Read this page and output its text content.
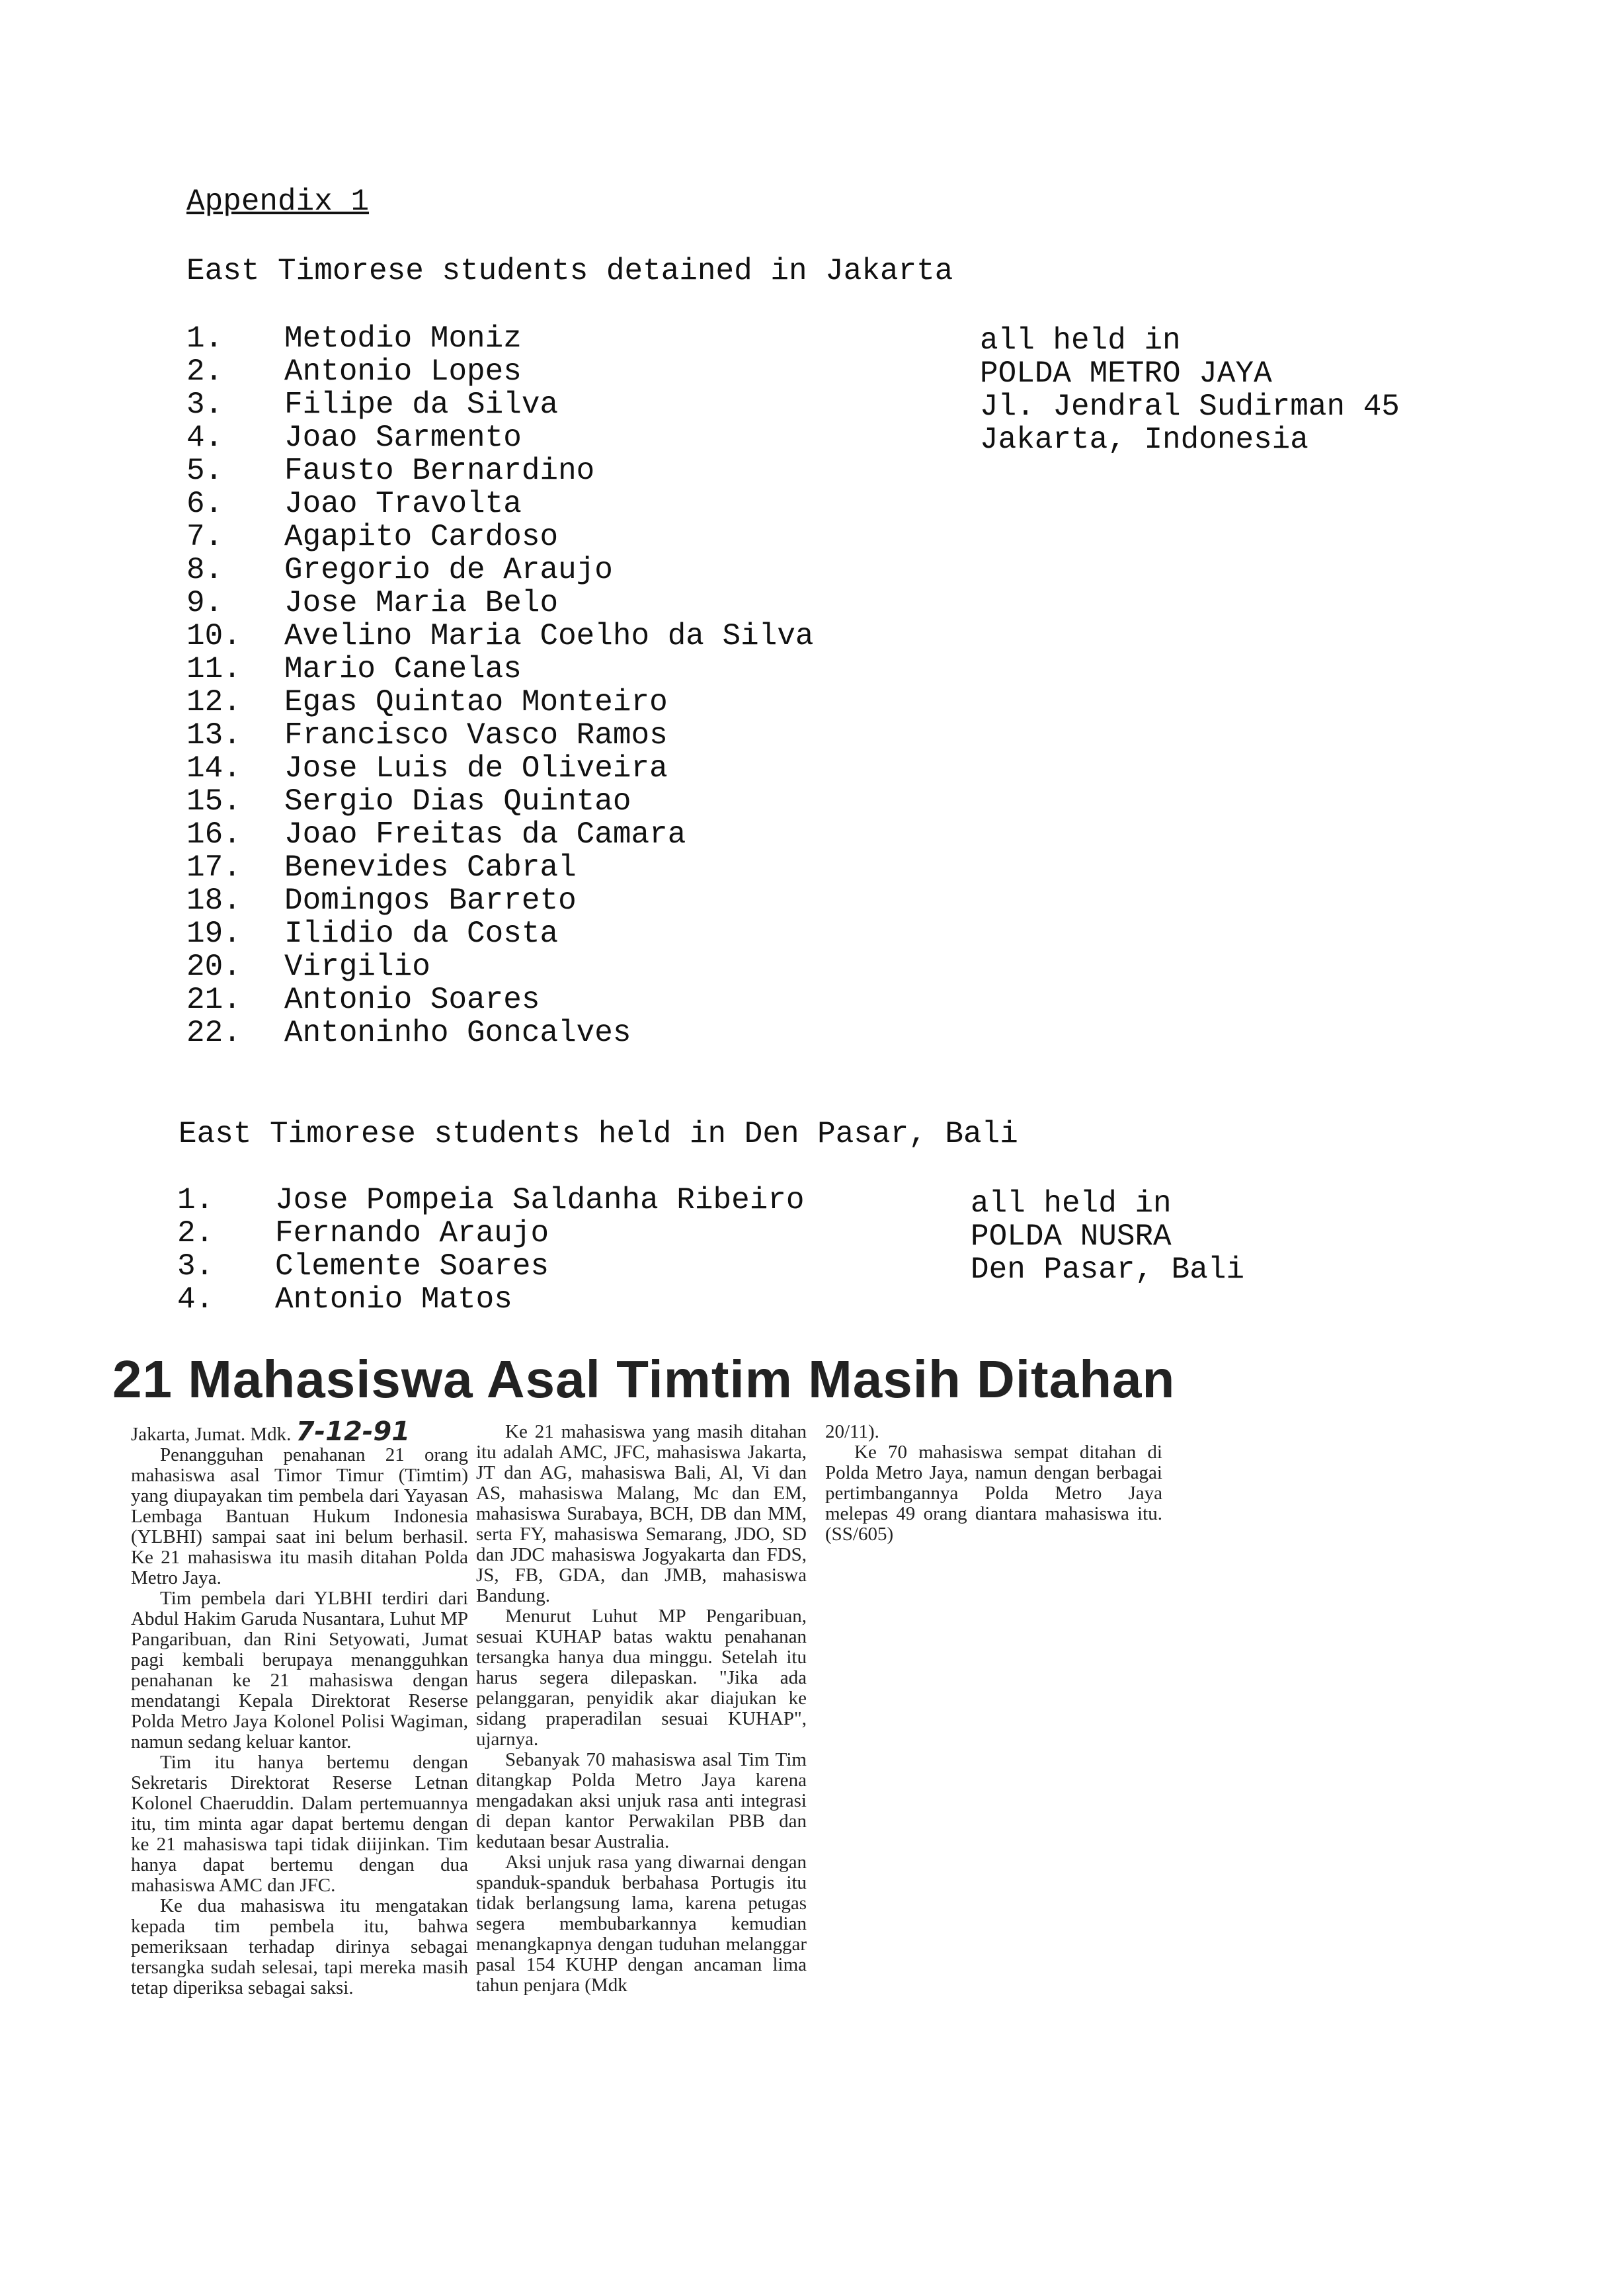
Appendix 1
East Timorese students detained in Jakarta
1.	Metodio Moniz
2.	Antonio Lopes
3.	Filipe da Silva
4.	Joao Sarmento
5.	Fausto Bernardino
6.	Joao Travolta
7.	Agapito Cardoso
8.	Gregorio de Araujo
9.	Jose Maria Belo
10.	Avelino Maria Coelho da Silva
11.	Mario Canelas
12.	Egas Quintao Monteiro
13.	Francisco Vasco Ramos
14.	Jose Luis de Oliveira
15.	Sergio Dias Quintao
16.	Joao Freitas da Camara
17.	Benevides Cabral
18.	Domingos Barreto
19.	Ilidio da Costa
20.	Virgilio
21.	Antonio Soares
22.	Antoninho Goncalves
all held in
POLDA METRO JAYA
Jl. Jendral Sudirman 45
Jakarta, Indonesia
East Timorese students held in Den Pasar, Bali
1.	Jose Pompeia Saldanha Ribeiro
2.	Fernando Araujo
3.	Clemente Soares
4.	Antonio Matos
all held in
POLDA NUSRA
Den Pasar, Bali
21 Mahasiswa Asal Timtim Masih Ditahan

Jakarta, Jumat. Mdk. 7-12-91

Penangguhan penahanan 21 orang mahasiswa asal Timor Timur (Timtim) yang diupayakan tim pembela dari Yayasan Lembaga Bantuan Hukum Indonesia (YLBHI) sampai saat ini belum berhasil. Ke 21 mahasiswa itu masih ditahan Polda Metro Jaya.

Tim pembela dari YLBHI terdiri dari Abdul Hakim Garuda Nusantara, Luhut MP Pangaribuan, dan Rini Setyowati, Jumat pagi kembali berupaya menangguhkan penahanan ke 21 mahasiswa dengan mendatangi Kepala Direktorat Reserse Polda Metro Jaya Kolonel Polisi Wagiman, namun sedang keluar kantor.

Tim itu hanya bertemu dengan Sekretaris Direktorat Reserse Letnan Kolonel Chaeruddin. Dalam pertemuannya itu, tim minta agar dapat bertemu dengan ke 21 mahasiswa tapi tidak diijinkan. Tim hanya dapat bertemu dengan dua mahasiswa AMC dan JFC.

Ke dua mahasiswa itu mengatakan kepada tim pembela itu, bahwa pemeriksaan terhadap dirinya sebagai tersangka sudah selesai, tapi mereka masih tetap diperiksa sebagai saksi.

Ke 21 mahasiswa yang masih ditahan itu adalah AMC, JFC, mahasiswa Jakarta, JT dan AG, mahasiswa Bali, Al, Vi dan AS, mahasiswa Malang, Mc dan EM, mahasiswa Surabaya, BCH, DB dan MM, serta FY, mahasiswa Semarang, JDO, SD dan JDC mahasiswa Jogyakarta dan FDS, JS, FB, GDA, dan JMB, mahasiswa Bandung.

Menurut Luhut MP Pengaribuan, sesuai KUHAP batas waktu penahanan tersangka hanya dua minggu. Setelah itu harus segera dilepaskan. "Jika ada pelanggaran, penyidik akar diajukan ke sidang praperadilan sesuai KUHAP", ujarnya.

Sebanyak 70 mahasiswa asal Tim Tim ditangkap Polda Metro Jaya karena mengadakan aksi unjuk rasa anti integrasi di depan kantor Perwakilan PBB dan kedutaan besar Australia.

Aksi unjuk rasa yang diwarnai dengan spanduk-spanduk berbahasa Portugis itu tidak berlangsung lama, karena petugas segera membubarkannya kemudian menangkapnya dengan tuduhan melanggar pasal 154 KUHP dengan ancaman lima tahun penjara (Mdk

20/11).

Ke 70 mahasiswa sempat ditahan di Polda Metro Jaya, namun dengan berbagai pertimbangannya Polda Metro Jaya melepas 49 orang diantara mahasiswa itu. (SS/605)
